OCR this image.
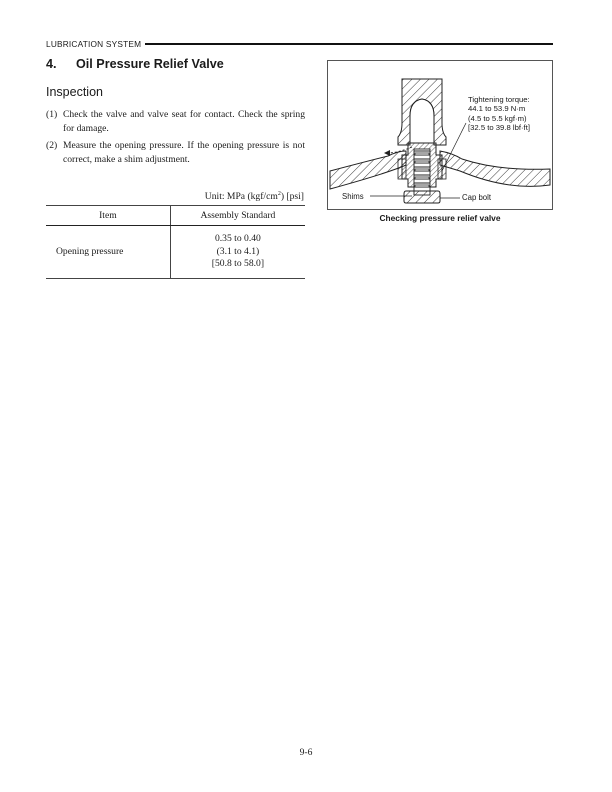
LUBRICATION SYSTEM
4. Oil Pressure Relief Valve
Inspection
(1) Check the valve and valve seat for contact. Check the spring for damage.
(2) Measure the opening pressure. If the opening pressure is not correct, make a shim adjustment.
Unit: MPa $(kgf/cm^2)$ [psi]
Item	Assembly Standard
Opening pressure	0.35 to 0.40
(3.1 to 4.1)
[50.8 to 58.0]
Tightening torque:
44.1 to 53.9 N·m
(4.5 to 5.5 kgf·m)
[32.5 to 39.8 lbf·ft]
Shims	Cap bolt
Checking pressure relief valve
9-6
